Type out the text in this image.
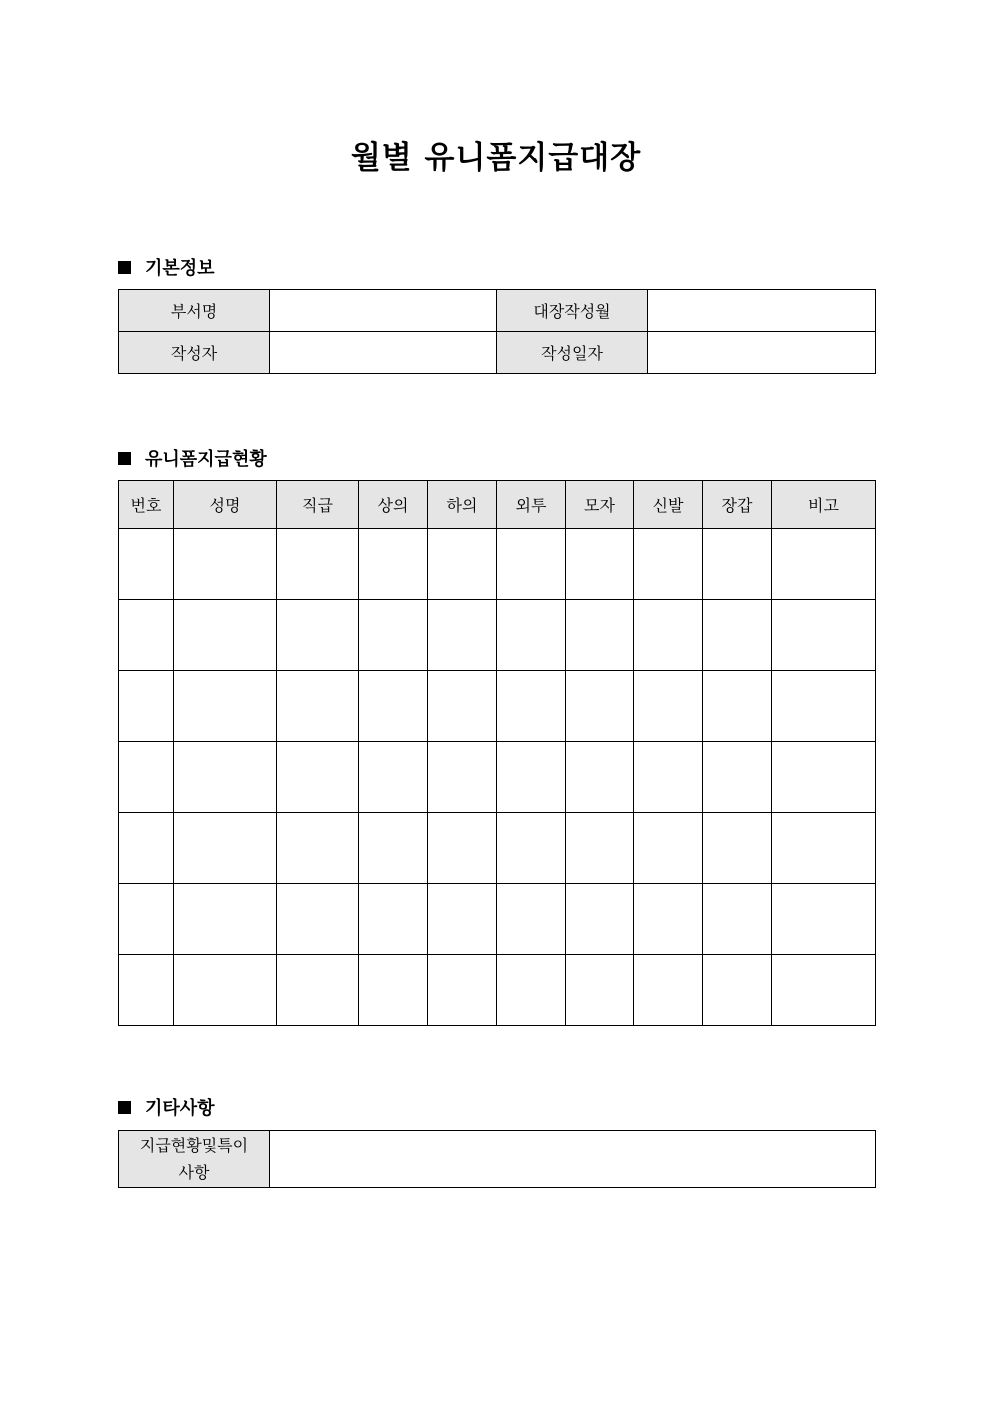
월별 유니폼지급대장
기본정보
부서명		대장작성월	
작성자		작성일자	
유니폼지급현황
번호	성명	직급	상의	하의	외투	모자	신발	장갑	비고

기타사항
지급현황및특이
사항	
